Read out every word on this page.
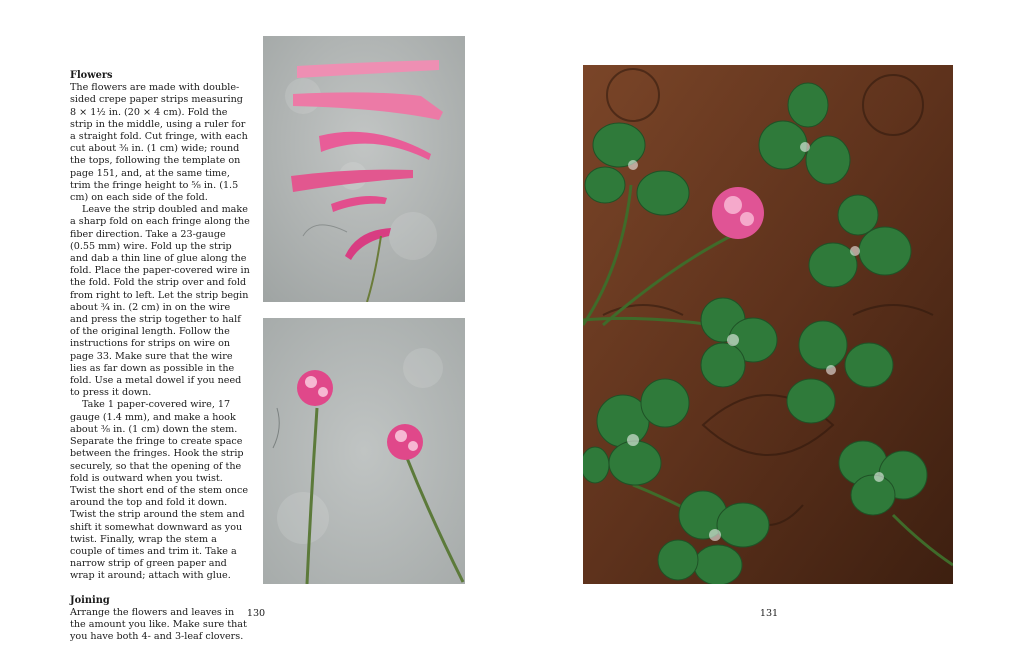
Flowers

The flowers are made with double-sided crepe paper strips measuring 8 × 1½ in. (20 × 4 cm). Fold the strip in the middle, using a ruler for a straight fold. Cut fringe, with each cut about ⅜ in. (1 cm) wide; round the tops, following the template on page 151, and, at the same time, trim the fringe height to ⅝ in. (1.5 cm) on each side of the fold.

Leave the strip doubled and make a sharp fold on each fringe along the fiber direction. Take a 23-gauge (0.55 mm) wire. Fold up the strip and dab a thin line of glue along the fold. Place the paper-covered wire in the fold. Fold the strip over and fold from right to left. Let the strip begin about ¾ in. (2 cm) in on the wire and press the strip together to half of the original length. Follow the instructions for strips on wire on page 33. Make sure that the wire lies as far down as possible in the fold. Use a metal dowel if you need to press it down.

Take 1 paper-covered wire, 17 gauge (1.4 mm), and make a hook about ⅜ in. (1 cm) down the stem. Separate the fringe to create space between the fringes. Hook the strip securely, so that the opening of the fold is outward when you twist. Twist the short end of the stem once around the top and fold it down. Twist the strip around the stem and shift it somewhat downward as you twist. Finally, wrap the stem a couple of times and trim it. Take a narrow strip of green paper and wrap it around; attach with glue.

Joining

Arrange the flowers and leaves in the amount you like. Make sure that you have both 4- and 3-leaf clovers.

130	131
